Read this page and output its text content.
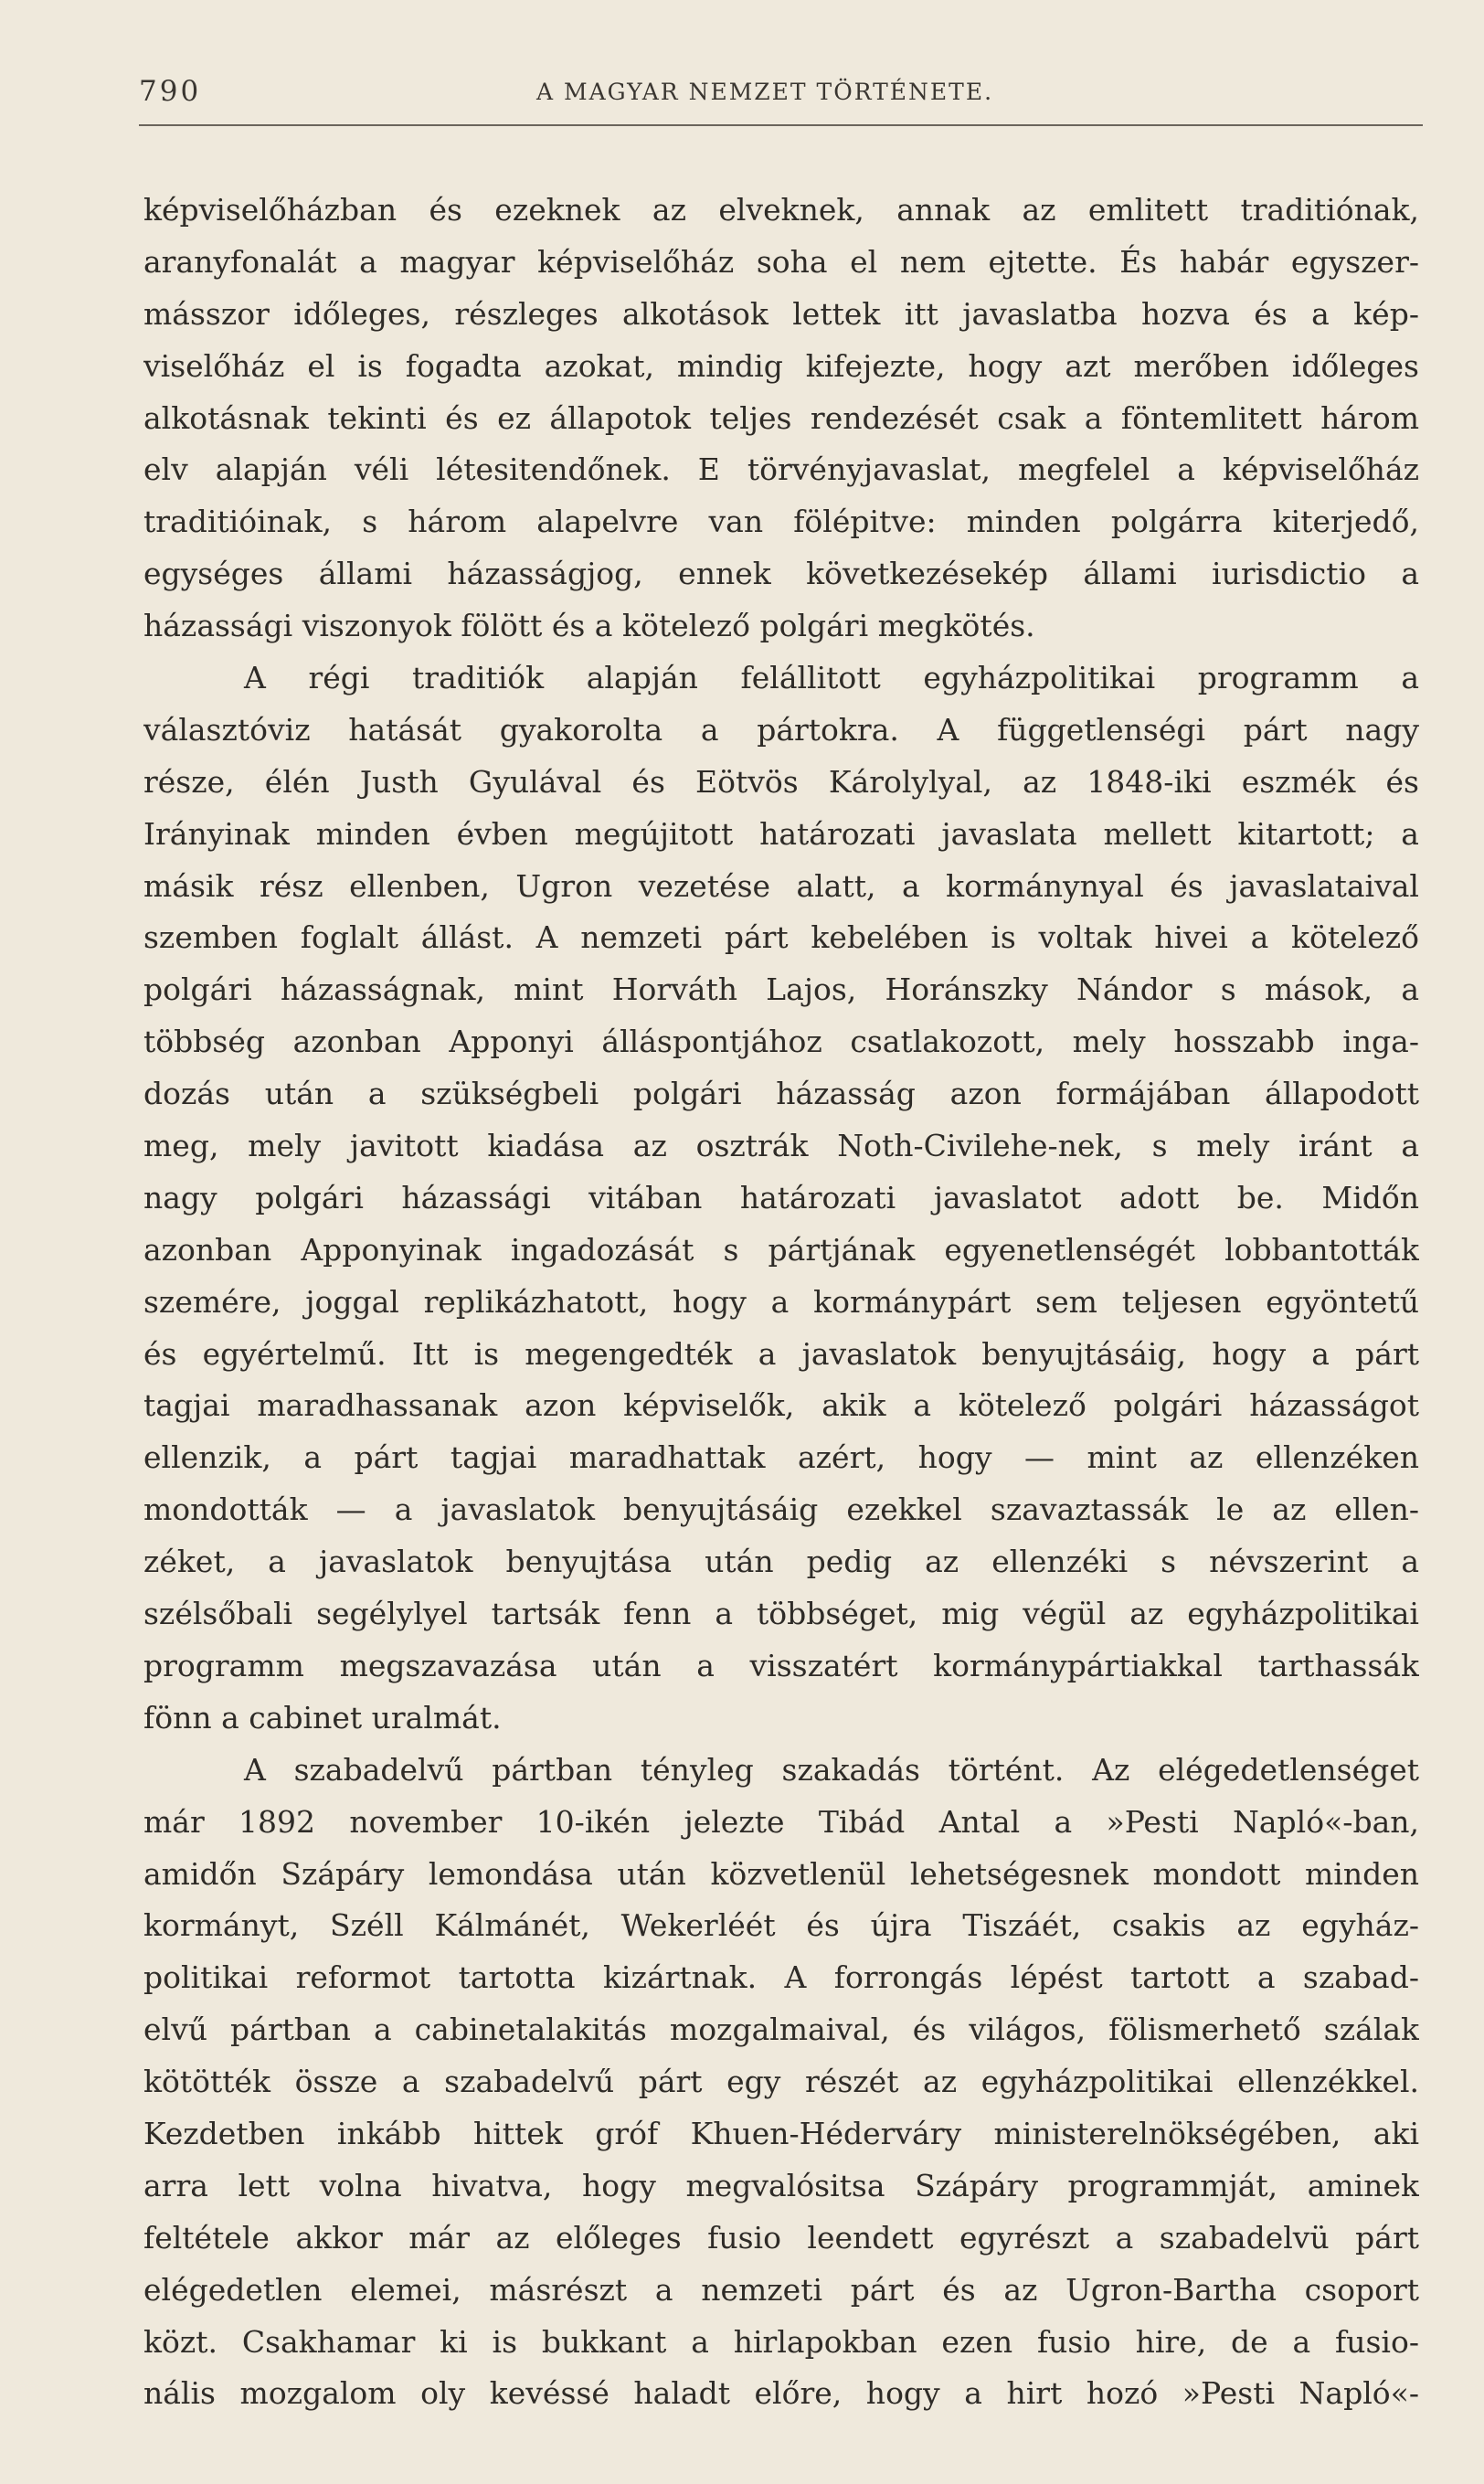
790	A MAGYAR NEMZET TÖRTÉNETE.
képviselőházban és ezeknek az elveknek, annak az emlitett traditiónak,
aranyfonalát a magyar képviselőház soha el nem ejtette. És habár egyszer-
másszor időleges, részleges alkotások lettek itt javaslatba hozva és a kép-
viselőház el is fogadta azokat, mindig kifejezte, hogy azt merőben időleges
alkotásnak tekinti és ez állapotok teljes rendezését csak a föntemlitett három
elv alapján véli létesitendőnek. E törvényjavaslat, megfelel a képviselőház
traditióinak, s három alapelvre van fölépitve: minden polgárra kiterjedő,
egységes állami házasságjog, ennek következésekép állami iurisdictio a
házassági viszonyok fölött és a kötelező polgári megkötés.
A régi traditiók alapján felállitott egyházpolitikai programm a
választóviz hatását gyakorolta a pártokra. A függetlenségi párt nagy
része, élén Justh Gyulával és Eötvös Károlylyal, az 1848-iki eszmék és
Irányinak minden évben megújitott határozati javaslata mellett kitartott; a
másik rész ellenben, Ugron vezetése alatt, a kormánynyal és javaslataival
szemben foglalt állást. A nemzeti párt kebelében is voltak hivei a kötelező
polgári házasságnak, mint Horváth Lajos, Horánszky Nándor s mások, a
többség azonban Apponyi álláspontjához csatlakozott, mely hosszabb inga-
dozás után a szükségbeli polgári házasság azon formájában állapodott
meg, mely javitott kiadása az osztrák Noth-Civilehe-nek, s mely iránt a
nagy polgári házassági vitában határozati javaslatot adott be. Midőn
azonban Apponyinak ingadozását s pártjának egyenetlenségét lobbantották
szemére, joggal replikázhatott, hogy a kormánypárt sem teljesen egyöntetű
és egyértelmű. Itt is megengedték a javaslatok benyujtásáig, hogy a párt
tagjai maradhassanak azon képviselők, akik a kötelező polgári házasságot
ellenzik, a párt tagjai maradhattak azért, hogy — mint az ellenzéken
mondották — a javaslatok benyujtásáig ezekkel szavaztassák le az ellen-
zéket, a javaslatok benyujtása után pedig az ellenzéki s névszerint a
szélsőbali segélylyel tartsák fenn a többséget, mig végül az egyházpolitikai
programm megszavazása után a visszatért kormánypártiakkal tarthassák
fönn a cabinet uralmát.
A szabadelvű pártban tényleg szakadás történt. Az elégedetlenséget
már 1892 november 10-ikén jelezte Tibád Antal a »Pesti Napló«-ban,
amidőn Szápáry lemondása után közvetlenül lehetségesnek mondott minden
kormányt, Széll Kálmánét, Wekerléét és újra Tiszáét, csakis az egyház-
politikai reformot tartotta kizártnak. A forrongás lépést tartott a szabad-
elvű pártban a cabinetalakitás mozgalmaival, és világos, fölismerhető szálak
kötötték össze a szabadelvű párt egy részét az egyházpolitikai ellenzékkel.
Kezdetben inkább hittek gróf Khuen-Héderváry ministerelnökségében, aki
arra lett volna hivatva, hogy megvalósitsa Szápáry programmját, aminek
feltétele akkor már az előleges fusio leendett egyrészt a szabadelvü párt
elégedetlen elemei, másrészt a nemzeti párt és az Ugron-Bartha csoport
közt. Csakhamar ki is bukkant a hirlapokban ezen fusio hire, de a fusio-
nális mozgalom oly kevéssé haladt előre, hogy a hirt hozó »Pesti Napló«-
